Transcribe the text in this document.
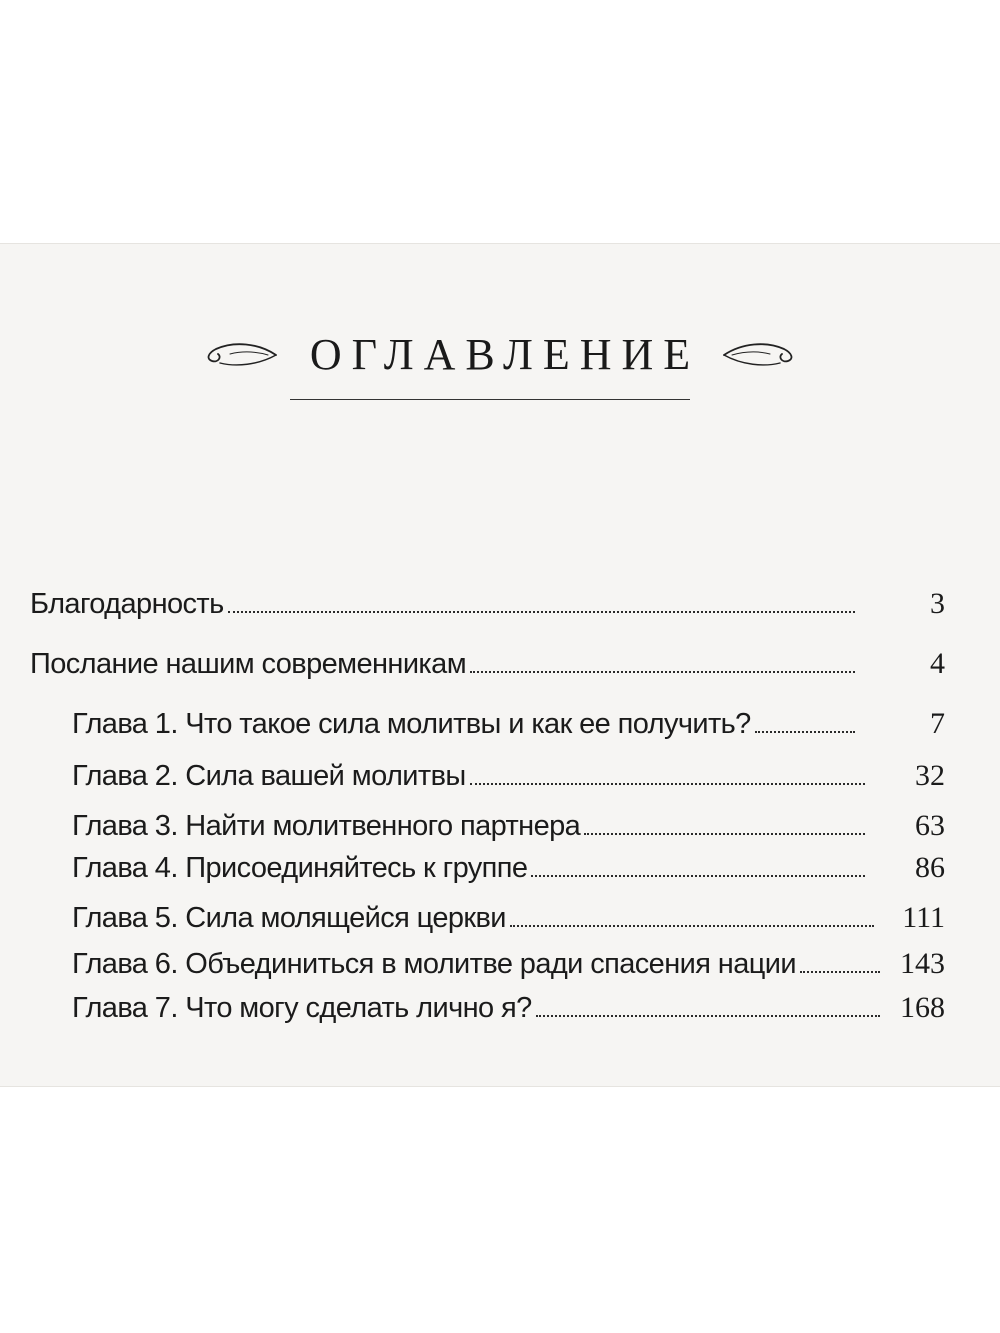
ОГЛАВЛЕНИЕ
Благодарность	3
Послание нашим современникам	4
Глава 1. Что такое сила молитвы и как ее получить?	7
Глава 2. Сила вашей молитвы	32
Глава 3. Найти молитвенного партнера	63
Глава 4. Присоединяйтесь к группе	86
Глава 5. Сила молящейся церкви	111
Глава 6. Объединиться в молитве ради спасения нации	143
Глава 7. Что могу сделать лично я?	168
